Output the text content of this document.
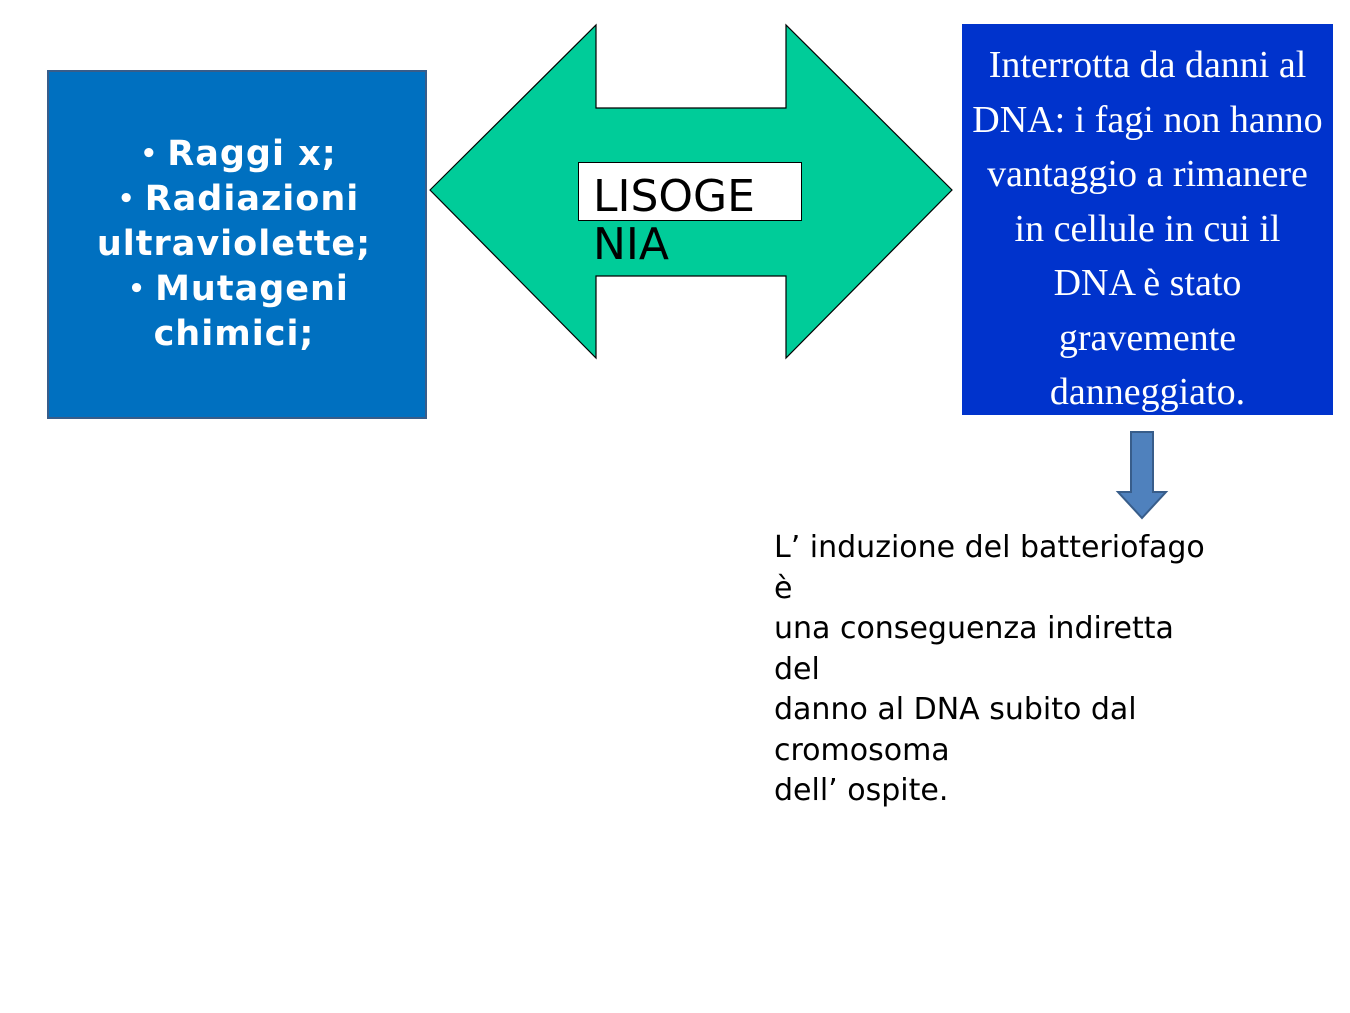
• Raggi x;
• Radiazioni
ultraviolette;
• Mutageni
chimici;
LISOGENIA
Interrotta da danni al DNA: i fagi non hanno vantaggio a rimanere in cellule in cui il DNA è stato gravemente danneggiato.
L’ induzione del batteriofago
è
una conseguenza indiretta
del
danno al DNA subito dal
cromosoma
dell’ ospite.
